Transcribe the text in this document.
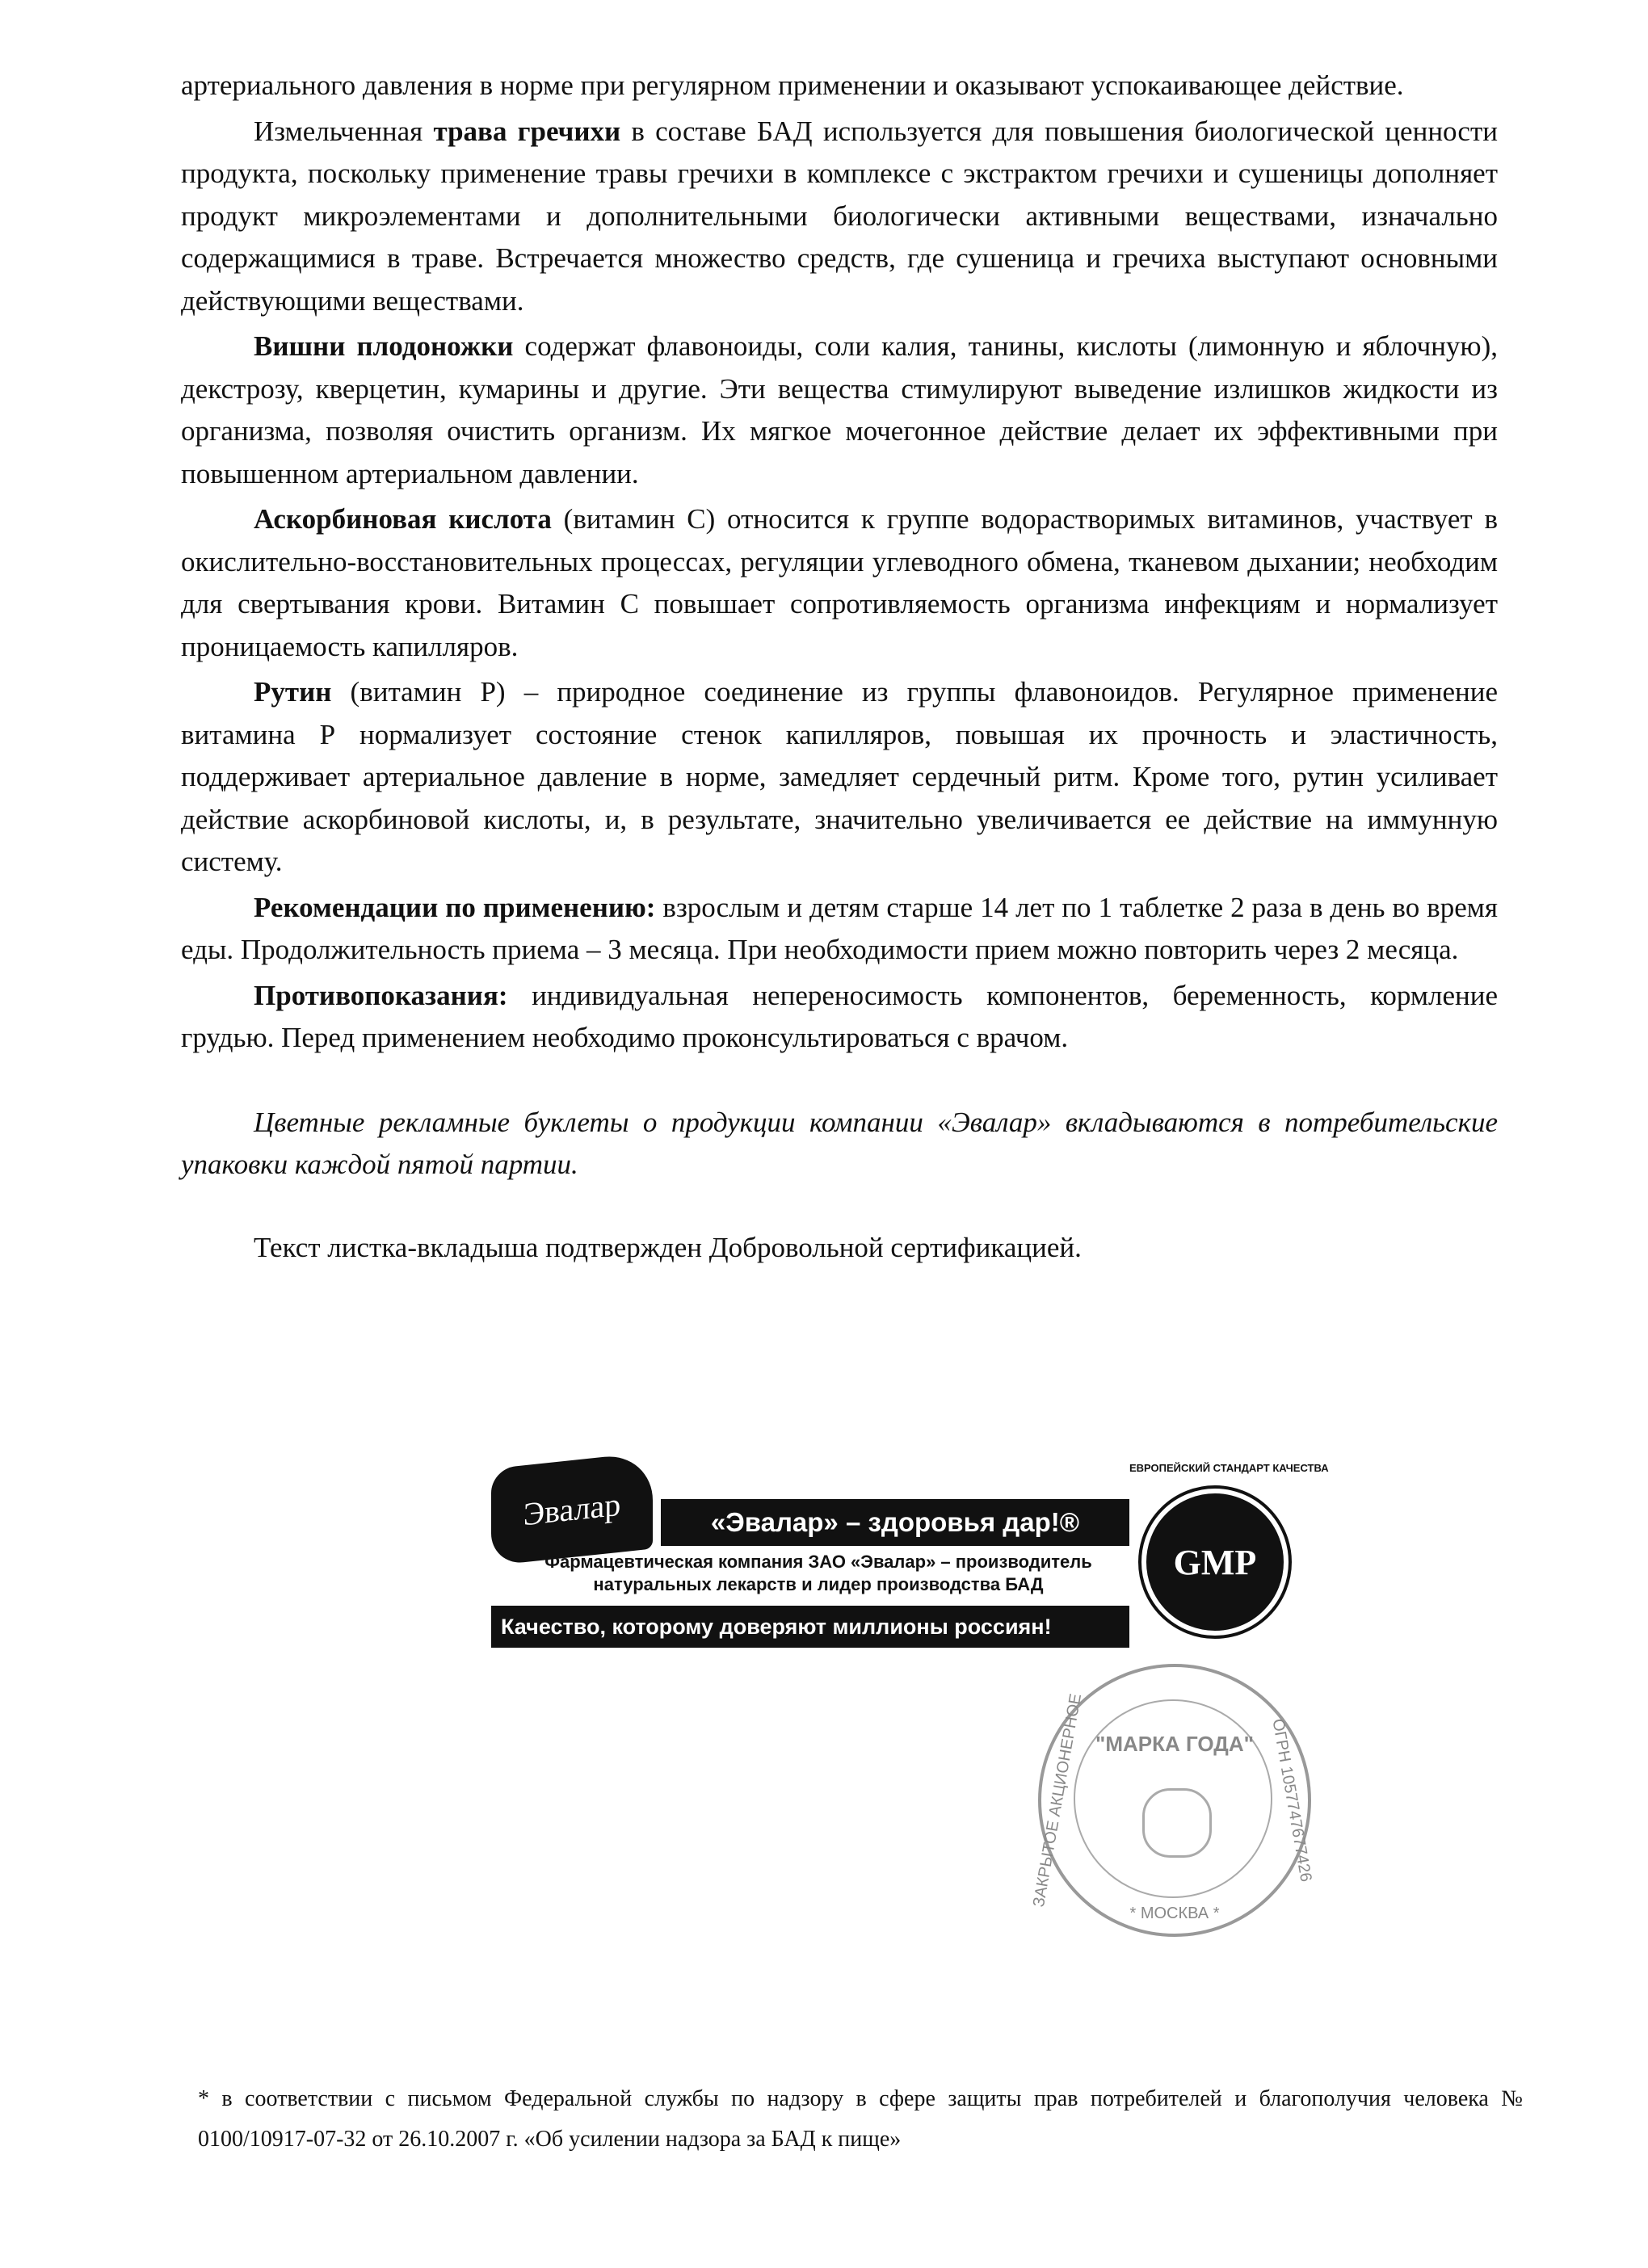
артериального давления в норме при регулярном применении и оказывают успокаивающее действие.

Измельченная трава гречихи в составе БАД используется для повышения биологической ценности продукта, поскольку применение травы гречихи в комплексе с экстрактом гречихи и сушеницы дополняет продукт микроэлементами и дополнительными биологически активными веществами, изначально содержащимися в траве. Встречается множество средств, где сушеница и гречиха выступают основными действующими веществами.

Вишни плодоножки содержат флавоноиды, соли калия, танины, кислоты (лимонную и яблочную), декстрозу, кверцетин, кумарины и другие. Эти вещества стимулируют выведение излишков жидкости из организма, позволяя очистить организм. Их мягкое мочегонное действие делает их эффективными при повышенном артериальном давлении.

Аскорбиновая кислота (витамин С) относится к группе водорастворимых витаминов, участвует в окислительно-восстановительных процессах, регуляции углеводного обмена, тканевом дыхании; необходим для свертывания крови. Витамин С повышает сопротивляемость организма инфекциям и нормализует проницаемость капилляров.

Рутин (витамин Р) – природное соединение из группы флавоноидов. Регулярное применение витамина Р нормализует состояние стенок капилляров, повышая их прочность и эластичность, поддерживает артериальное давление в норме, замедляет сердечный ритм. Кроме того, рутин усиливает действие аскорбиновой кислоты, и, в результате, значительно увеличивается ее действие на иммунную систему.

Рекомендации по применению: взрослым и детям старше 14 лет по 1 таблетке 2 раза в день во время еды. Продолжительность приема – 3 месяца. При необходимости прием можно повторить через 2 месяца.

Противопоказания: индивидуальная непереносимость компонентов, беременность, кормление грудью. Перед применением необходимо проконсультироваться с врачом.

Цветные рекламные буклеты о продукции компании «Эвалар» вкладываются в потребительские упаковки каждой пятой партии.

Текст листка-вкладыша подтвержден Добровольной сертификацией.

Эвалар	«Эвалар» – здоровья дар!®
Фармацевтическая компания ЗАО «Эвалар» – производитель натуральных лекарств и лидер производства БАД
Качество, которому доверяют миллионы россиян!
ЕВРОПЕЙСКИЙ СТАНДАРТ КАЧЕСТВА
GMP
"МАРКА ГОДА" ОГРН 1057747677426
ЗАКРЫТОЕ АКЦИОНЕРНОЕ
* МОСКВА *

* в соответствии с письмом Федеральной службы по надзору в сфере защиты прав потребителей и благополучия человека № 0100/10917-07-32 от 26.10.2007 г. «Об усилении надзора за БАД к пище»
